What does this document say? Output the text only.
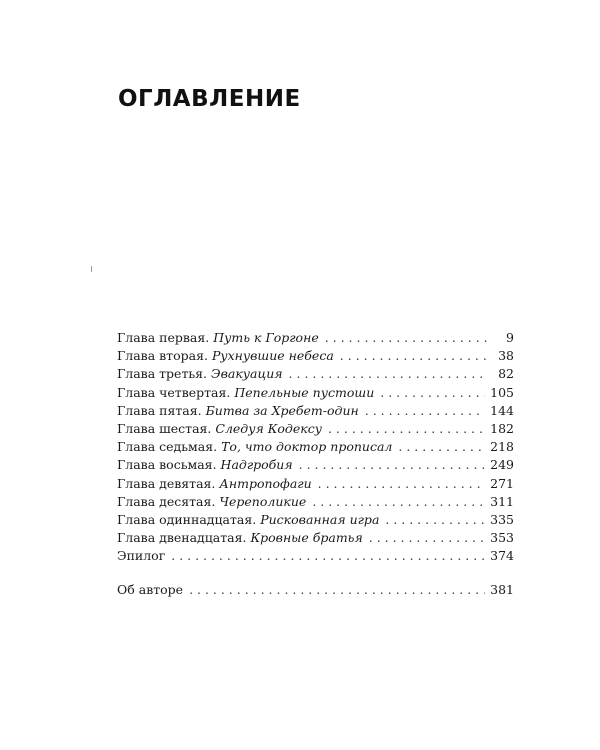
ОГЛАВЛЕНИЕ
Глава первая. Путь к Горгоне . . .	9
Глава вторая. Рухнувшие небеса . . .	38
Глава третья. Эвакуация . . .	82
Глава четвертая. Пепельные пустоши . . .	105
Глава пятая. Битва за Хребет-один . . .	144
Глава шестая. Следуя Кодексу . . .	182
Глава седьмая. То, что доктор прописал . . .	218
Глава восьмая. Надгробия . . .	249
Глава девятая. Антропофаги . . .	271
Глава десятая. Череполикие . . .	311
Глава одиннадцатая. Рискованная игра . . .	335
Глава двенадцатая. Кровные братья . . .	353
Эпилог . . .	374
Об авторе . . .	381
